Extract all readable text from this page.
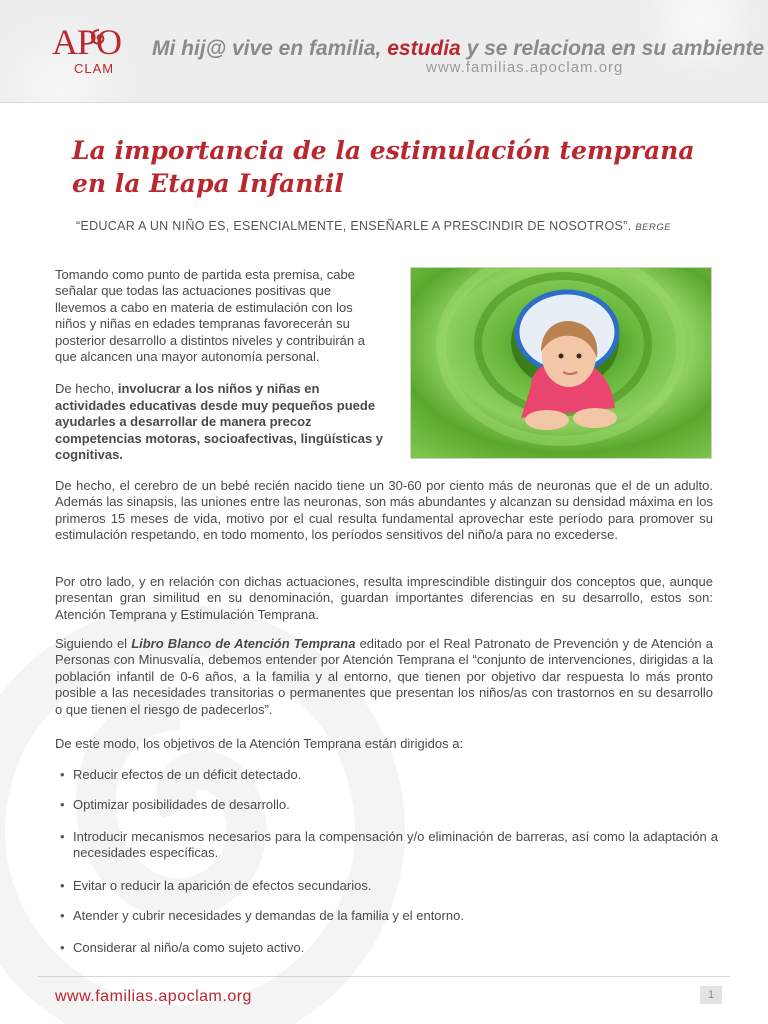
APO
CLAM
Mi hij@ vive en familia, estudia y se relaciona en su ambiente
www.familias.apoclam.org
La importancia de la estimulación temprana
en la Etapa Infantil
“EDUCAR A UN NIÑO ES, ESENCIALMENTE, ENSEÑARLE A PRESCINDIR DE NOSOTROS”. BERGE

Tomando como punto de partida esta premisa, cabe señalar que todas las actuaciones positivas que llevemos a cabo en materia de estimulación con los niños y niñas en edades tempranas favorecerán su posterior desarrollo a distintos niveles y contribuirán a que alcancen una mayor autonomía personal.

De hecho, involucrar a los niños y niñas en actividades educativas desde muy pequeños puede ayudarles a desarrollar de manera precoz competencias motoras, socioafectivas, lingüísticas y cognitivas.

De hecho, el cerebro de un bebé recién nacido tiene un 30-60 por ciento más de neuronas que el de un adulto. Además las sinapsis, las uniones entre las neuronas, son más abundantes y alcanzan su densidad máxima en los primeros 15 meses de vida, motivo por el cual resulta fundamental aprovechar este período para promover su estimulación respetando, en todo momento, los períodos sensitivos del niño/a para no excederse.

Por otro lado, y en relación con dichas actuaciones, resulta imprescindible distinguir dos conceptos que, aunque presentan gran similitud en su denominación, guardan importantes diferencias en su desarrollo, estos son: Atención Temprana y Estimulación Temprana.

Siguiendo el Libro Blanco de Atención Temprana editado por el Real Patronato de Prevención y de Atención a Personas con Minusvalía, debemos entender por Atención Temprana el “conjunto de intervenciones, dirigidas a la población infantil de 0-6 años, a la familia y al entorno, que tienen por objetivo dar respuesta lo más pronto posible a las necesidades transitorias o permanentes que presentan los niños/as con trastornos en su desarrollo o que tienen el riesgo de padecerlos”.

De este modo, los objetivos de la Atención Temprana están dirigidos a:

• Reducir efectos de un déficit detectado.
• Optimizar posibilidades de desarrollo.
• Introducir mecanismos necesarios para la compensación y/o eliminación de barreras, así como la adaptación a necesidades específicas.
• Evitar o reducir la aparición de efectos secundarios.
• Atender y cubrir necesidades y demandas de la familia y el entorno.
• Considerar al niño/a como sujeto activo.
www.familias.apoclam.org	1
